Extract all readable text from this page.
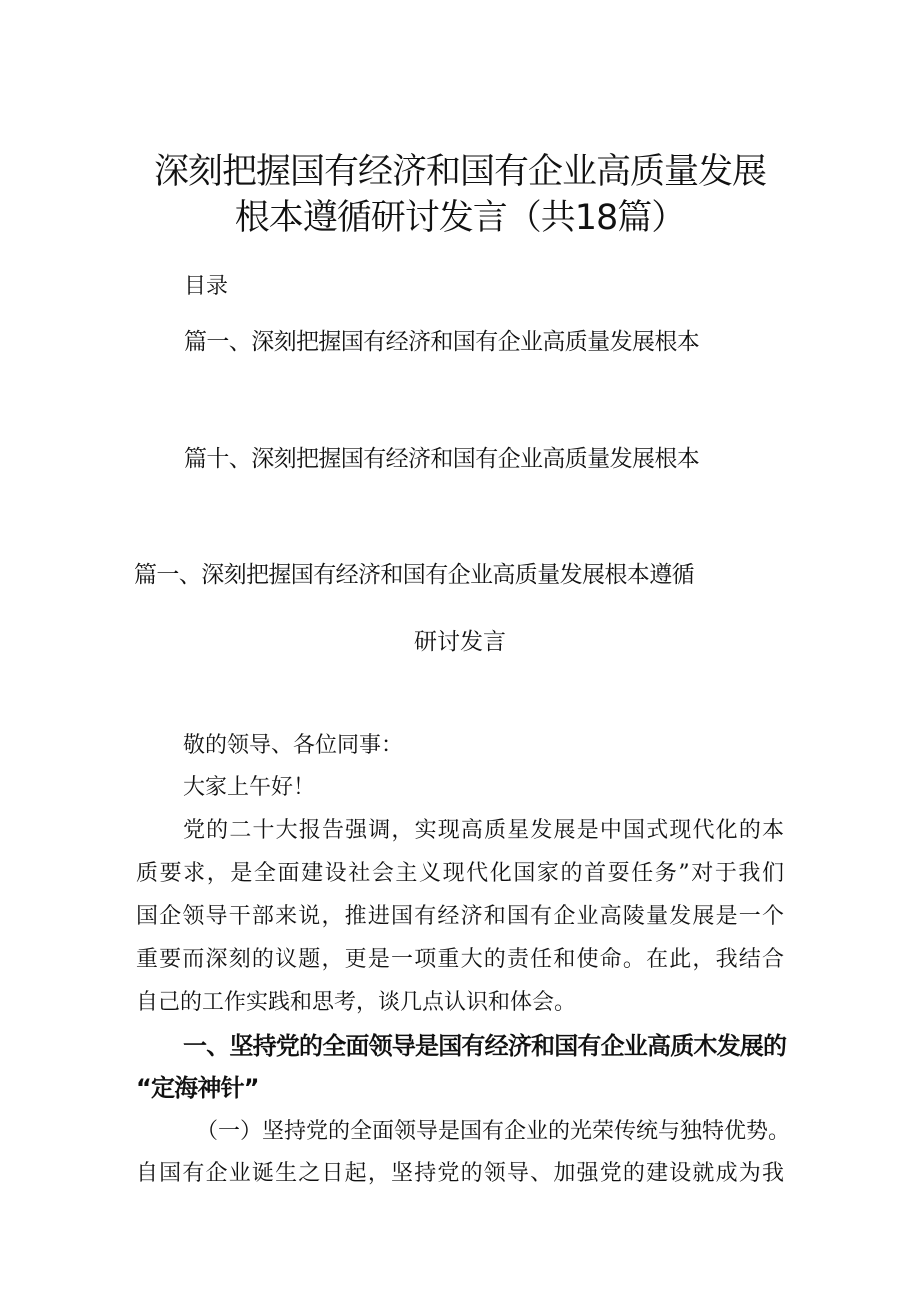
深刻把握国有经济和国有企业高质量发展
根本遵循研讨发言（共18篇）
目录
篇一、深刻把握国有经济和国有企业高质量发展根本
篇十、深刻把握国有经济和国有企业高质量发展根本
篇一、深刻把握国有经济和国有企业高质量发展根本遵循
研讨发言
敬的领导、各位同事：
大家上午好！
党的二十大报告强调，实现高质星发展是中国式现代化的本
质要求，是全面建设社会主义现代化国家的首耍任务”对于我们
国企领导干部来说，推进国有经济和国有企业高陵量发展是一个
重要而深刻的议题，更是一项重大的责任和使命。在此，我结合
自己的工作实践和思考，谈几点认识和体会。
一、坚持党的全面领导是国有经济和国有企业高质木发展的
“定海神针”
（一）坚持党的全面领导是国有企业的光荣传统与独特优势。
自国有企业诞生之日起，坚持党的领导、加强党的建设就成为我
